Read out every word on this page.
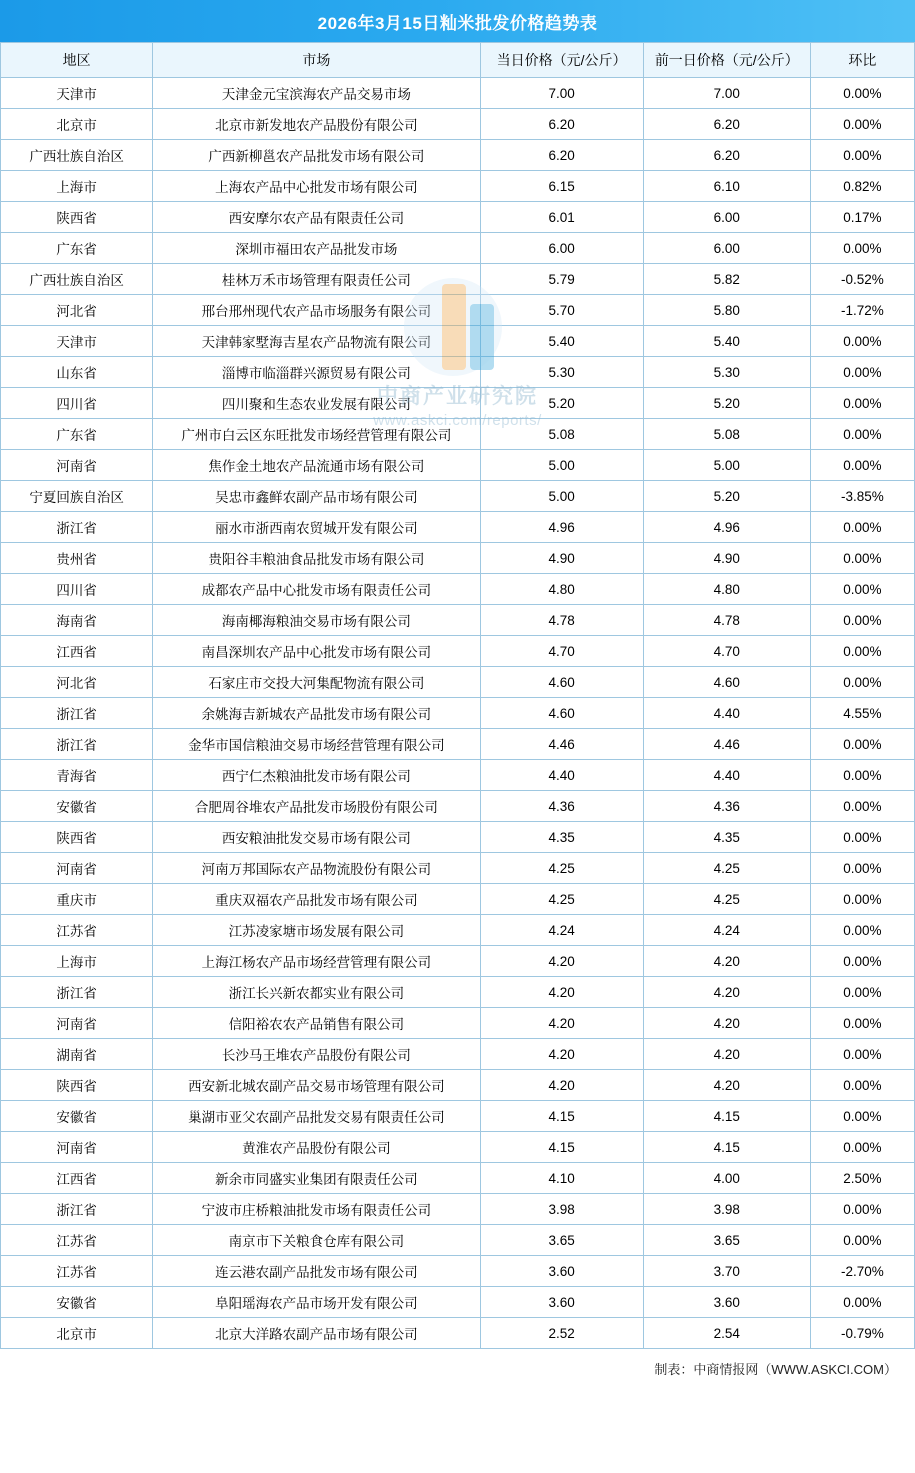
2026年3月15日籼米批发价格趋势表
地区	市场	当日价格（元/公斤）	前一日价格（元/公斤）	环比
天津市	天津金元宝滨海农产品交易市场	7.00	7.00	0.00%
北京市	北京市新发地农产品股份有限公司	6.20	6.20	0.00%
广西壮族自治区	广西新柳邕农产品批发市场有限公司	6.20	6.20	0.00%
上海市	上海农产品中心批发市场有限公司	6.15	6.10	0.82%
陕西省	西安摩尔农产品有限责任公司	6.01	6.00	0.17%
广东省	深圳市福田农产品批发市场	6.00	6.00	0.00%
广西壮族自治区	桂林万禾市场管理有限责任公司	5.79	5.82	-0.52%
河北省	邢台邢州现代农产品市场服务有限公司	5.70	5.80	-1.72%
天津市	天津韩家墅海吉星农产品物流有限公司	5.40	5.40	0.00%
山东省	淄博市临淄群兴源贸易有限公司	5.30	5.30	0.00%
四川省	四川聚和生态农业发展有限公司	5.20	5.20	0.00%
广东省	广州市白云区东旺批发市场经营管理有限公司	5.08	5.08	0.00%
河南省	焦作金土地农产品流通市场有限公司	5.00	5.00	0.00%
宁夏回族自治区	吴忠市鑫鲜农副产品市场有限公司	5.00	5.20	-3.85%
浙江省	丽水市浙西南农贸城开发有限公司	4.96	4.96	0.00%
贵州省	贵阳谷丰粮油食品批发市场有限公司	4.90	4.90	0.00%
四川省	成都农产品中心批发市场有限责任公司	4.80	4.80	0.00%
海南省	海南椰海粮油交易市场有限公司	4.78	4.78	0.00%
江西省	南昌深圳农产品中心批发市场有限公司	4.70	4.70	0.00%
河北省	石家庄市交投大河集配物流有限公司	4.60	4.60	0.00%
浙江省	余姚海吉新城农产品批发市场有限公司	4.60	4.40	4.55%
浙江省	金华市国信粮油交易市场经营管理有限公司	4.46	4.46	0.00%
青海省	西宁仁杰粮油批发市场有限公司	4.40	4.40	0.00%
安徽省	合肥周谷堆农产品批发市场股份有限公司	4.36	4.36	0.00%
陕西省	西安粮油批发交易市场有限公司	4.35	4.35	0.00%
河南省	河南万邦国际农产品物流股份有限公司	4.25	4.25	0.00%
重庆市	重庆双福农产品批发市场有限公司	4.25	4.25	0.00%
江苏省	江苏凌家塘市场发展有限公司	4.24	4.24	0.00%
上海市	上海江杨农产品市场经营管理有限公司	4.20	4.20	0.00%
浙江省	浙江长兴新农都实业有限公司	4.20	4.20	0.00%
河南省	信阳裕农农产品销售有限公司	4.20	4.20	0.00%
湖南省	长沙马王堆农产品股份有限公司	4.20	4.20	0.00%
陕西省	西安新北城农副产品交易市场管理有限公司	4.20	4.20	0.00%
安徽省	巢湖市亚父农副产品批发交易有限责任公司	4.15	4.15	0.00%
河南省	黄淮农产品股份有限公司	4.15	4.15	0.00%
江西省	新余市同盛实业集团有限责任公司	4.10	4.00	2.50%
浙江省	宁波市庄桥粮油批发市场有限责任公司	3.98	3.98	0.00%
江苏省	南京市下关粮食仓库有限公司	3.65	3.65	0.00%
江苏省	连云港农副产品批发市场有限公司	3.60	3.70	-2.70%
安徽省	阜阳瑶海农产品市场开发有限公司	3.60	3.60	0.00%
北京市	北京大洋路农副产品市场有限公司	2.52	2.54	-0.79%
制表：中商情报网（WWW.ASKCI.COM）
中商产业研究院
www.askci.com/reports/
